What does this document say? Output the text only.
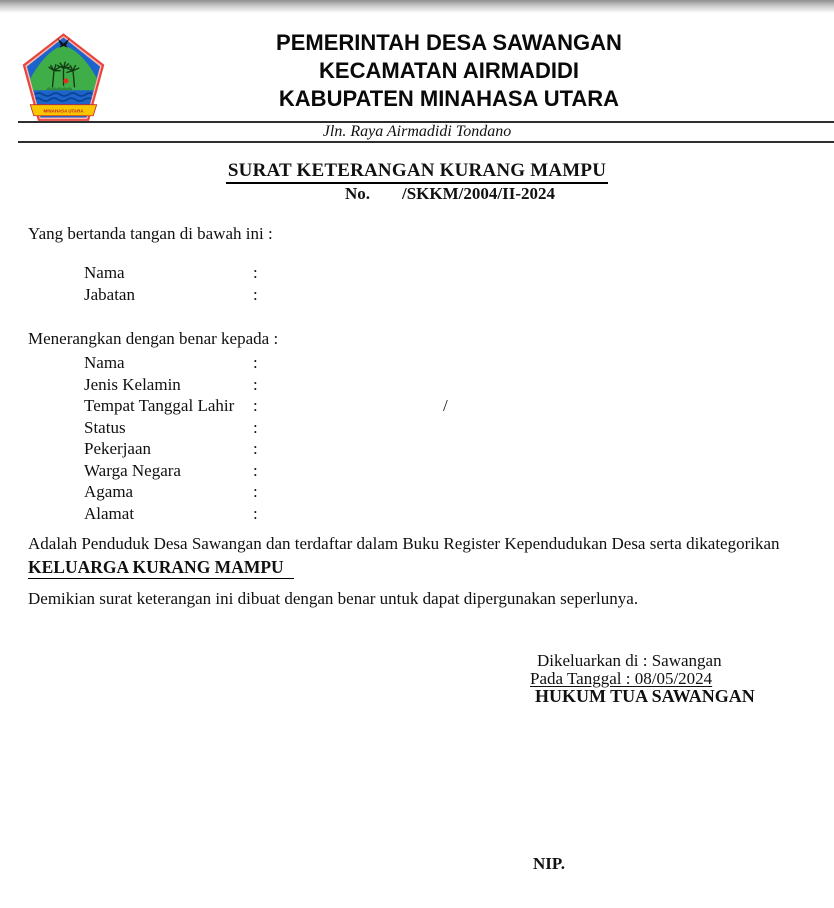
MINAHASA UTARA
PEMERINTAH DESA SAWANGAN
KECAMATAN AIRMADIDI
KABUPATEN MINAHASA UTARA
Jln. Raya Airmadidi Tondano
SURAT KETERANGAN KURANG MAMPU
No. /SKKM/2004/II-2024
Yang bertanda tangan di bawah ini :
Nama	:
Jabatan	:
Menerangkan dengan benar kepada :
Nama	:
Jenis Kelamin	:
Tempat Tanggal Lahir :	/
Status	:
Pekerjaan	:
Warga Negara	:
Agama	:
Alamat	:
Adalah Penduduk Desa Sawangan dan terdaftar dalam Buku Register Kependudukan Desa serta dikategorikan
KELUARGA KURANG MAMPU
Demikian surat keterangan ini dibuat dengan benar untuk dapat dipergunakan seperlunya.
Dikeluarkan di : Sawangan
Pada Tanggal : 08/05/2024
HUKUM TUA SAWANGAN
NIP.
